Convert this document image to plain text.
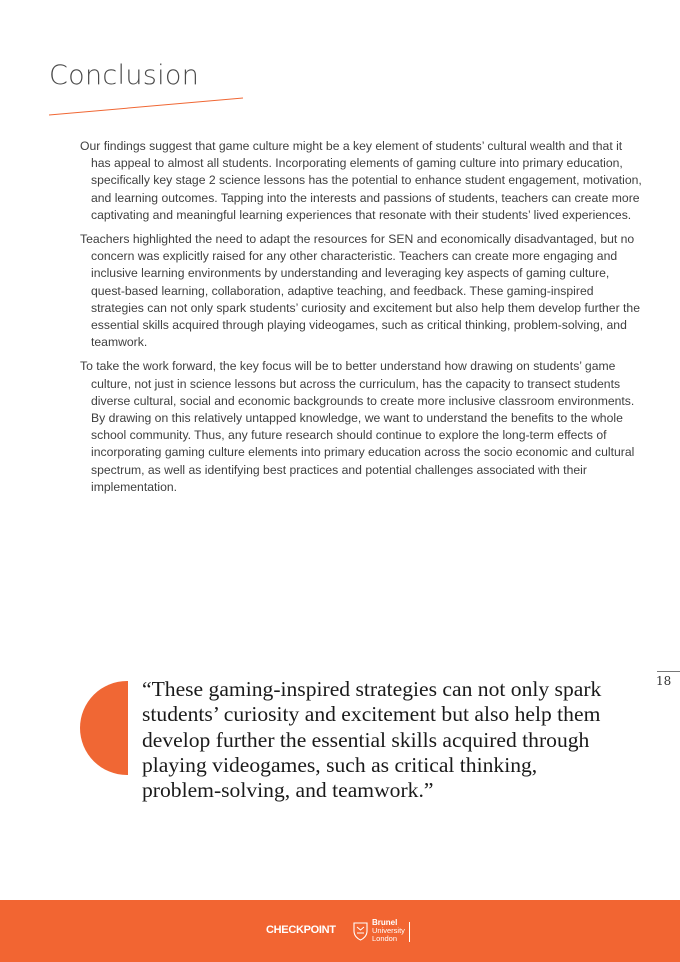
Conclusion

Our findings suggest that game culture might be a key element of students’ cultural wealth and that it has appeal to almost all students. Incorporating elements of gaming culture into primary education, specifically key stage 2 science lessons has the potential to enhance student engagement, motivation, and learning outcomes. Tapping into the interests and passions of students, teachers can create more captivating and meaningful learning experiences that resonate with their students’ lived experiences.

Teachers highlighted the need to adapt the resources for SEN and economically disadvantaged, but no concern was explicitly raised for any other characteristic. Teachers can create more engaging and inclusive learning environments by understanding and leveraging key aspects of gaming culture, quest-based learning, collaboration, adaptive teaching, and feedback. These gaming-inspired strategies can not only spark students’ curiosity and excitement but also help them develop further the essential skills acquired through playing videogames, such as critical thinking, problem-solving, and teamwork.

To take the work forward, the key focus will be to better understand how drawing on students’ game culture, not just in science lessons but across the curriculum, has the capacity to transect students diverse cultural, social and economic backgrounds to create more inclusive classroom environments. By drawing on this relatively untapped knowledge, we want to understand the benefits to the whole school community. Thus, any future research should continue to explore the long-term effects of incorporating gaming culture elements into primary education across the socio economic and cultural spectrum, as well as identifying best practices and potential challenges associated with their implementation.

18
“These gaming-inspired strategies can not only spark students’ curiosity and excitement but also help them develop further the essential skills acquired through playing videogames, such as critical thinking, problem-solving, and teamwork.”
CHECKPOINT
Brunel
University
London
